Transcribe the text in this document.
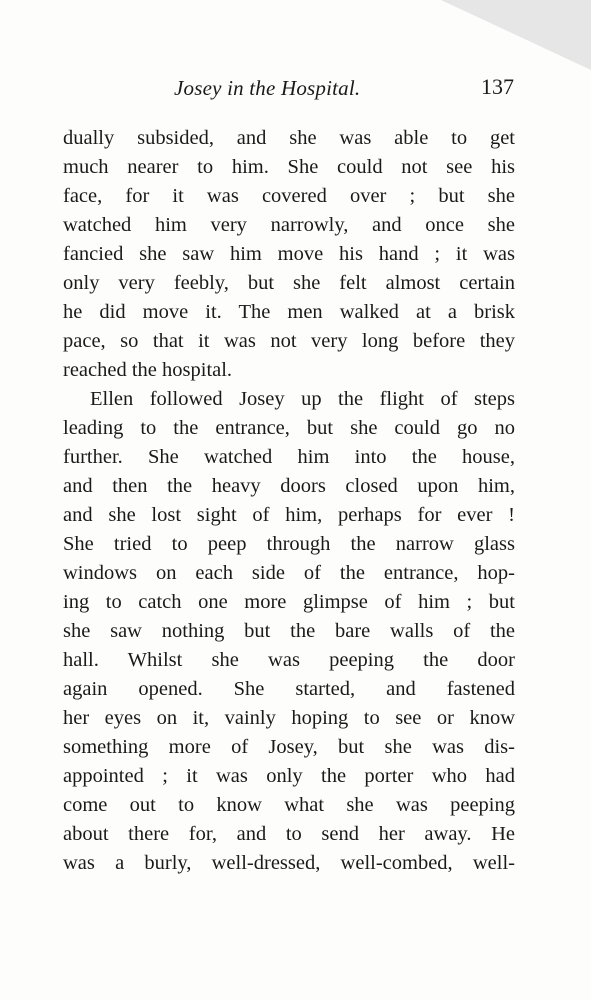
Josey in the Hospital.	137
dually subsided, and she was able to get
much nearer to him. She could not see his
face, for it was covered over ; but she
watched him very narrowly, and once she
fancied she saw him move his hand ; it was
only very feebly, but she felt almost certain
he did move it. The men walked at a brisk
pace, so that it was not very long before they
reached the hospital.
Ellen followed Josey up the flight of steps
leading to the entrance, but she could go no
further. She watched him into the house,
and then the heavy doors closed upon him,
and she lost sight of him, perhaps for ever !
She tried to peep through the narrow glass
windows on each side of the entrance, hop-
ing to catch one more glimpse of him ; but
she saw nothing but the bare walls of the
hall. Whilst she was peeping the door
again opened. She started, and fastened
her eyes on it, vainly hoping to see or know
something more of Josey, but she was dis-
appointed ; it was only the porter who had
come out to know what she was peeping
about there for, and to send her away. He
was a burly, well-dressed, well-combed, well-
